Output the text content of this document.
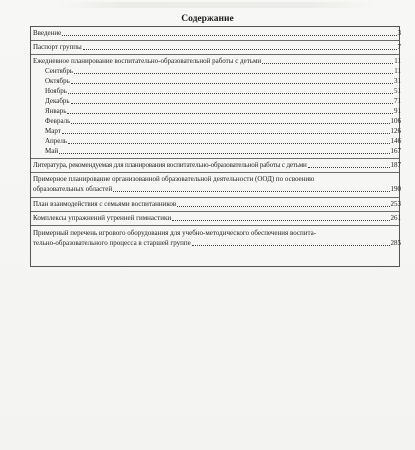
Содержание
Введение	3
Паспорт группы	7
Ежедневное планирование воспитательно-образовательной работы с детьми	11
Сентябрь	11
Октябрь	31
Ноябрь	51
Декабрь	71
Январь	91
Февраль	106
Март	126
Апрель	146
Май	167
Литература, рекомендуемая для планирования воспитательно-образовательной работы с детьми	187
Примерное планирование организованной образовательной деятельности (ООД) по освоению
образовательных областей	190
План взаимодействия с семьями воспитанников	253
Комплексы упражнений утренней гимнастики	261
Примерный перечень игрового оборудования для учебно-методического обеспечения воспита-
тельно-образовательного процесса в старшей группе	285
